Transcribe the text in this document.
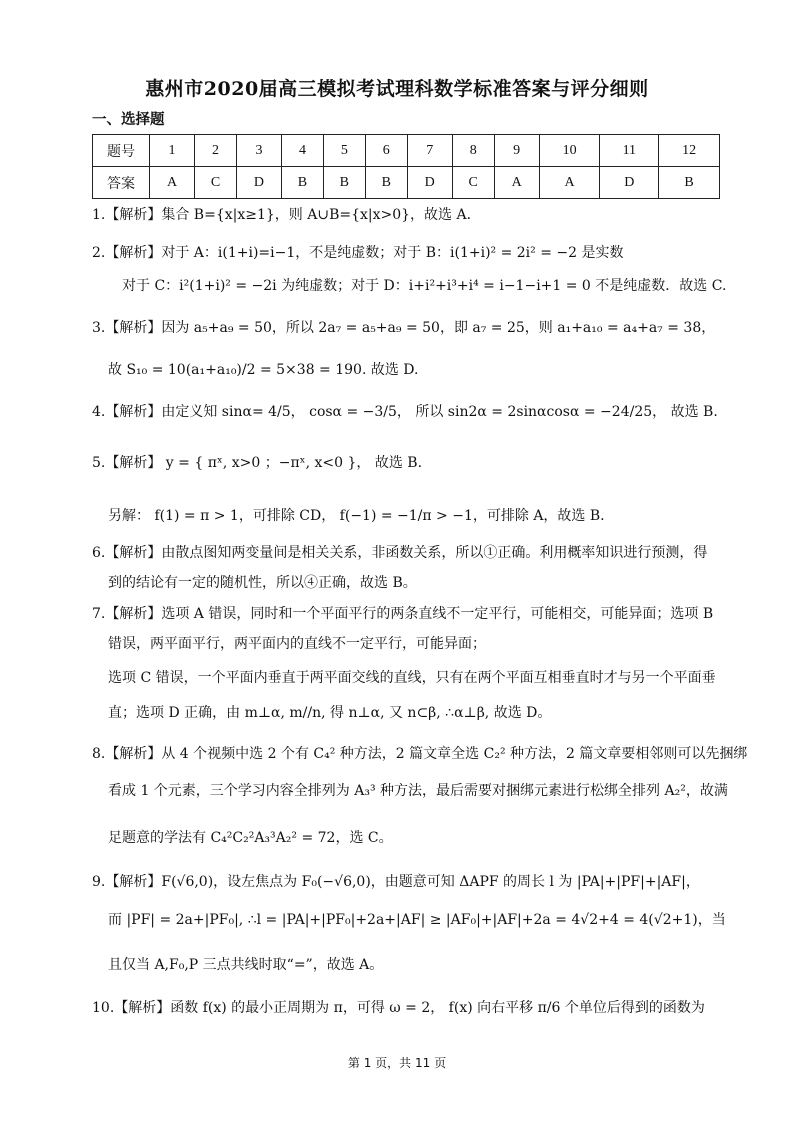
惠州市2020届高三模拟考试理科数学标准答案与评分细则
一、选择题
题号	1	2	3	4	5	6	7	8	9	10	11	12
答案	A	C	D	B	B	B	D	C	A	A	D	B
1.【解析】集合 B={x|x≥1}，则 A∪B={x|x>0}，故选 A．
2.【解析】对于 A：i(1+i)=i−1，不是纯虚数；对于 B：i(1+i)² = 2i² = −2 是实数
对于 C：i²(1+i)² = −2i 为纯虚数；对于 D：i+i²+i³+i⁴ = i−1−i+1 = 0 不是纯虚数．故选 C.
3.【解析】因为 a₅+a₉ = 50，所以 2a₇ = a₅+a₉ = 50，即 a₇ = 25，则 a₁+a₁₀ = a₄+a₇ = 38，
故 S₁₀ = 10(a₁+a₁₀)/2 = 5×38 = 190. 故选 D.
4.【解析】由定义知 sinα= 4/5， cosα = −3/5， 所以 sin2α = 2sinαcosα = −24/25， 故选 B.
5.【解析】 y = { πˣ, x>0 ；−πˣ, x<0 }， 故选 B.
另解： f(1) = π > 1，可排除 CD， f(−1) = −1/π > −1，可排除 A，故选 B.
6.【解析】由散点图知两变量间是相关关系，非函数关系，所以①正确。利用概率知识进行预测，得
到的结论有一定的随机性，所以④正确，故选 B。
7.【解析】选项 A 错误，同时和一个平面平行的两条直线不一定平行，可能相交，可能异面；选项 B
错误，两平面平行，两平面内的直线不一定平行，可能异面；
选项 C 错误，一个平面内垂直于两平面交线的直线，只有在两个平面互相垂直时才与另一个平面垂
直；选项 D 正确，由 m⊥α, m//n, 得 n⊥α, 又 n⊂β, ∴α⊥β, 故选 D。
8.【解析】从 4 个视频中选 2 个有 C₄² 种方法，2 篇文章全选 C₂² 种方法，2 篇文章要相邻则可以先捆绑
看成 1 个元素，三个学习内容全排列为 A₃³ 种方法，最后需要对捆绑元素进行松绑全排列 A₂²，故满
足题意的学法有 C₄²C₂²A₃³A₂² = 72，选 C。
9.【解析】F(√6,0)，设左焦点为 F₀(−√6,0)，由题意可知 ΔAPF 的周长 l 为 |PA|+|PF|+|AF|，
而 |PF| = 2a+|PF₀|, ∴l = |PA|+|PF₀|+2a+|AF| ≥ |AF₀|+|AF|+2a = 4√2+4 = 4(√2+1)，当
且仅当 A,F₀,P 三点共线时取“=”，故选 A。
10.【解析】函数 f(x) 的最小正周期为 π，可得 ω = 2， f(x) 向右平移 π/6 个单位后得到的函数为
第 1 页，共 11 页
